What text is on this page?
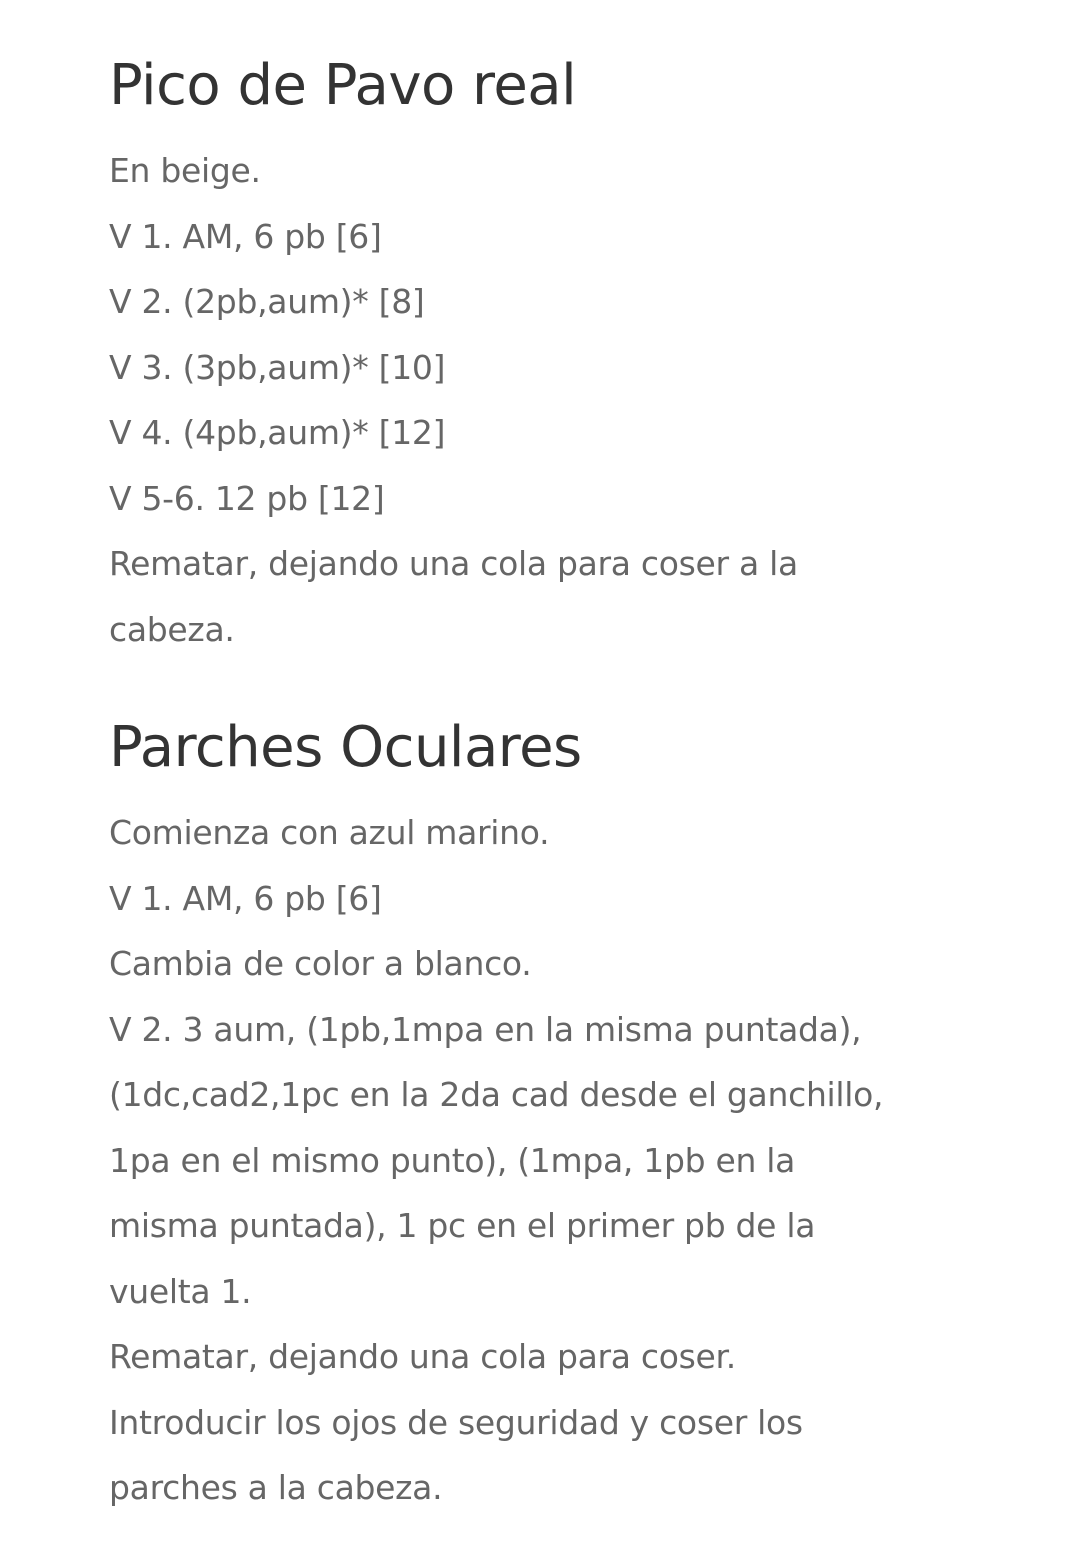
Pico de Pavo real
En beige.
V 1. AM, 6 pb [6]
V 2. (2pb,aum)* [8]
V 3. (3pb,aum)* [10]
V 4. (4pb,aum)* [12]
V 5-6. 12 pb [12]
Rematar, dejando una cola para coser a la
cabeza.
Parches Oculares
Comienza con azul marino.
V 1. AM, 6 pb [6]
Cambia de color a blanco.
V 2. 3 aum, (1pb,1mpa en la misma puntada),
(1dc,cad2,1pc en la 2da cad desde el ganchillo,
1pa en el mismo punto), (1mpa, 1pb en la
misma puntada), 1 pc en el primer pb de la
vuelta 1.
Rematar, dejando una cola para coser.
Introducir los ojos de seguridad y coser los
parches a la cabeza.
